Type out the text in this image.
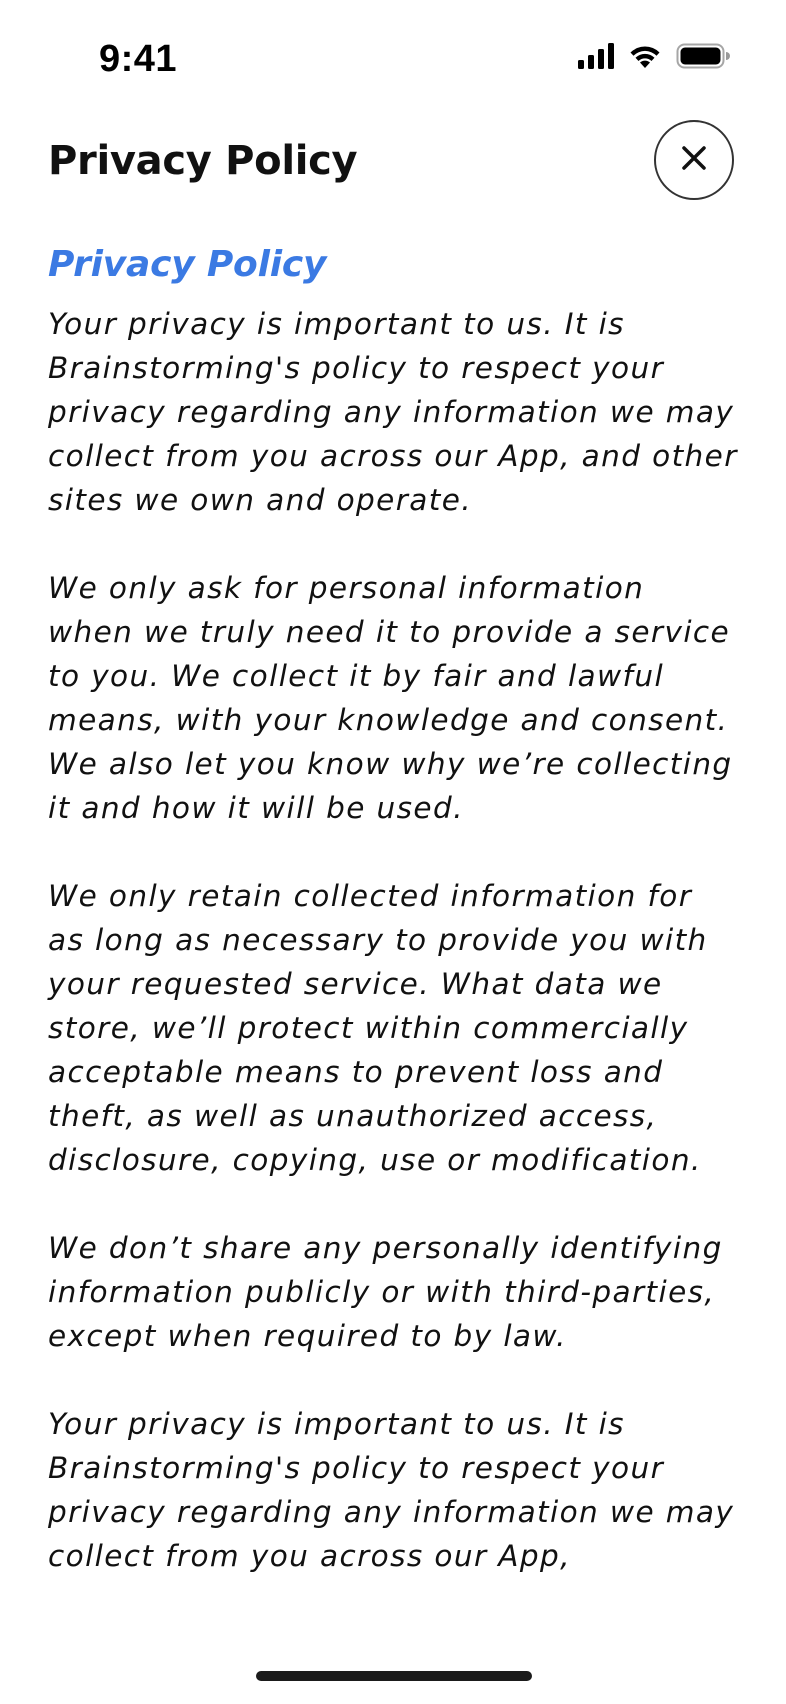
9:41
Privacy Policy
Privacy Policy

Your privacy is important to us. It is Brainstorming's policy to respect your privacy regarding any information we may collect from you across our App, and other sites we own and operate.

We only ask for personal information when we truly need it to provide a service to you. We collect it by fair and lawful means, with your knowledge and consent. We also let you know why we’re collecting it and how it will be used.

We only retain collected information for as long as necessary to provide you with your requested service. What data we store, we’ll protect within commercially acceptable means to prevent loss and theft, as well as unauthorized access, disclosure, copying, use or modification.

We don’t share any personally identifying information publicly or with third-parties, except when required to by law.

Your privacy is important to us. It is Brainstorming's policy to respect your privacy regarding any information we may collect from you across our App,
